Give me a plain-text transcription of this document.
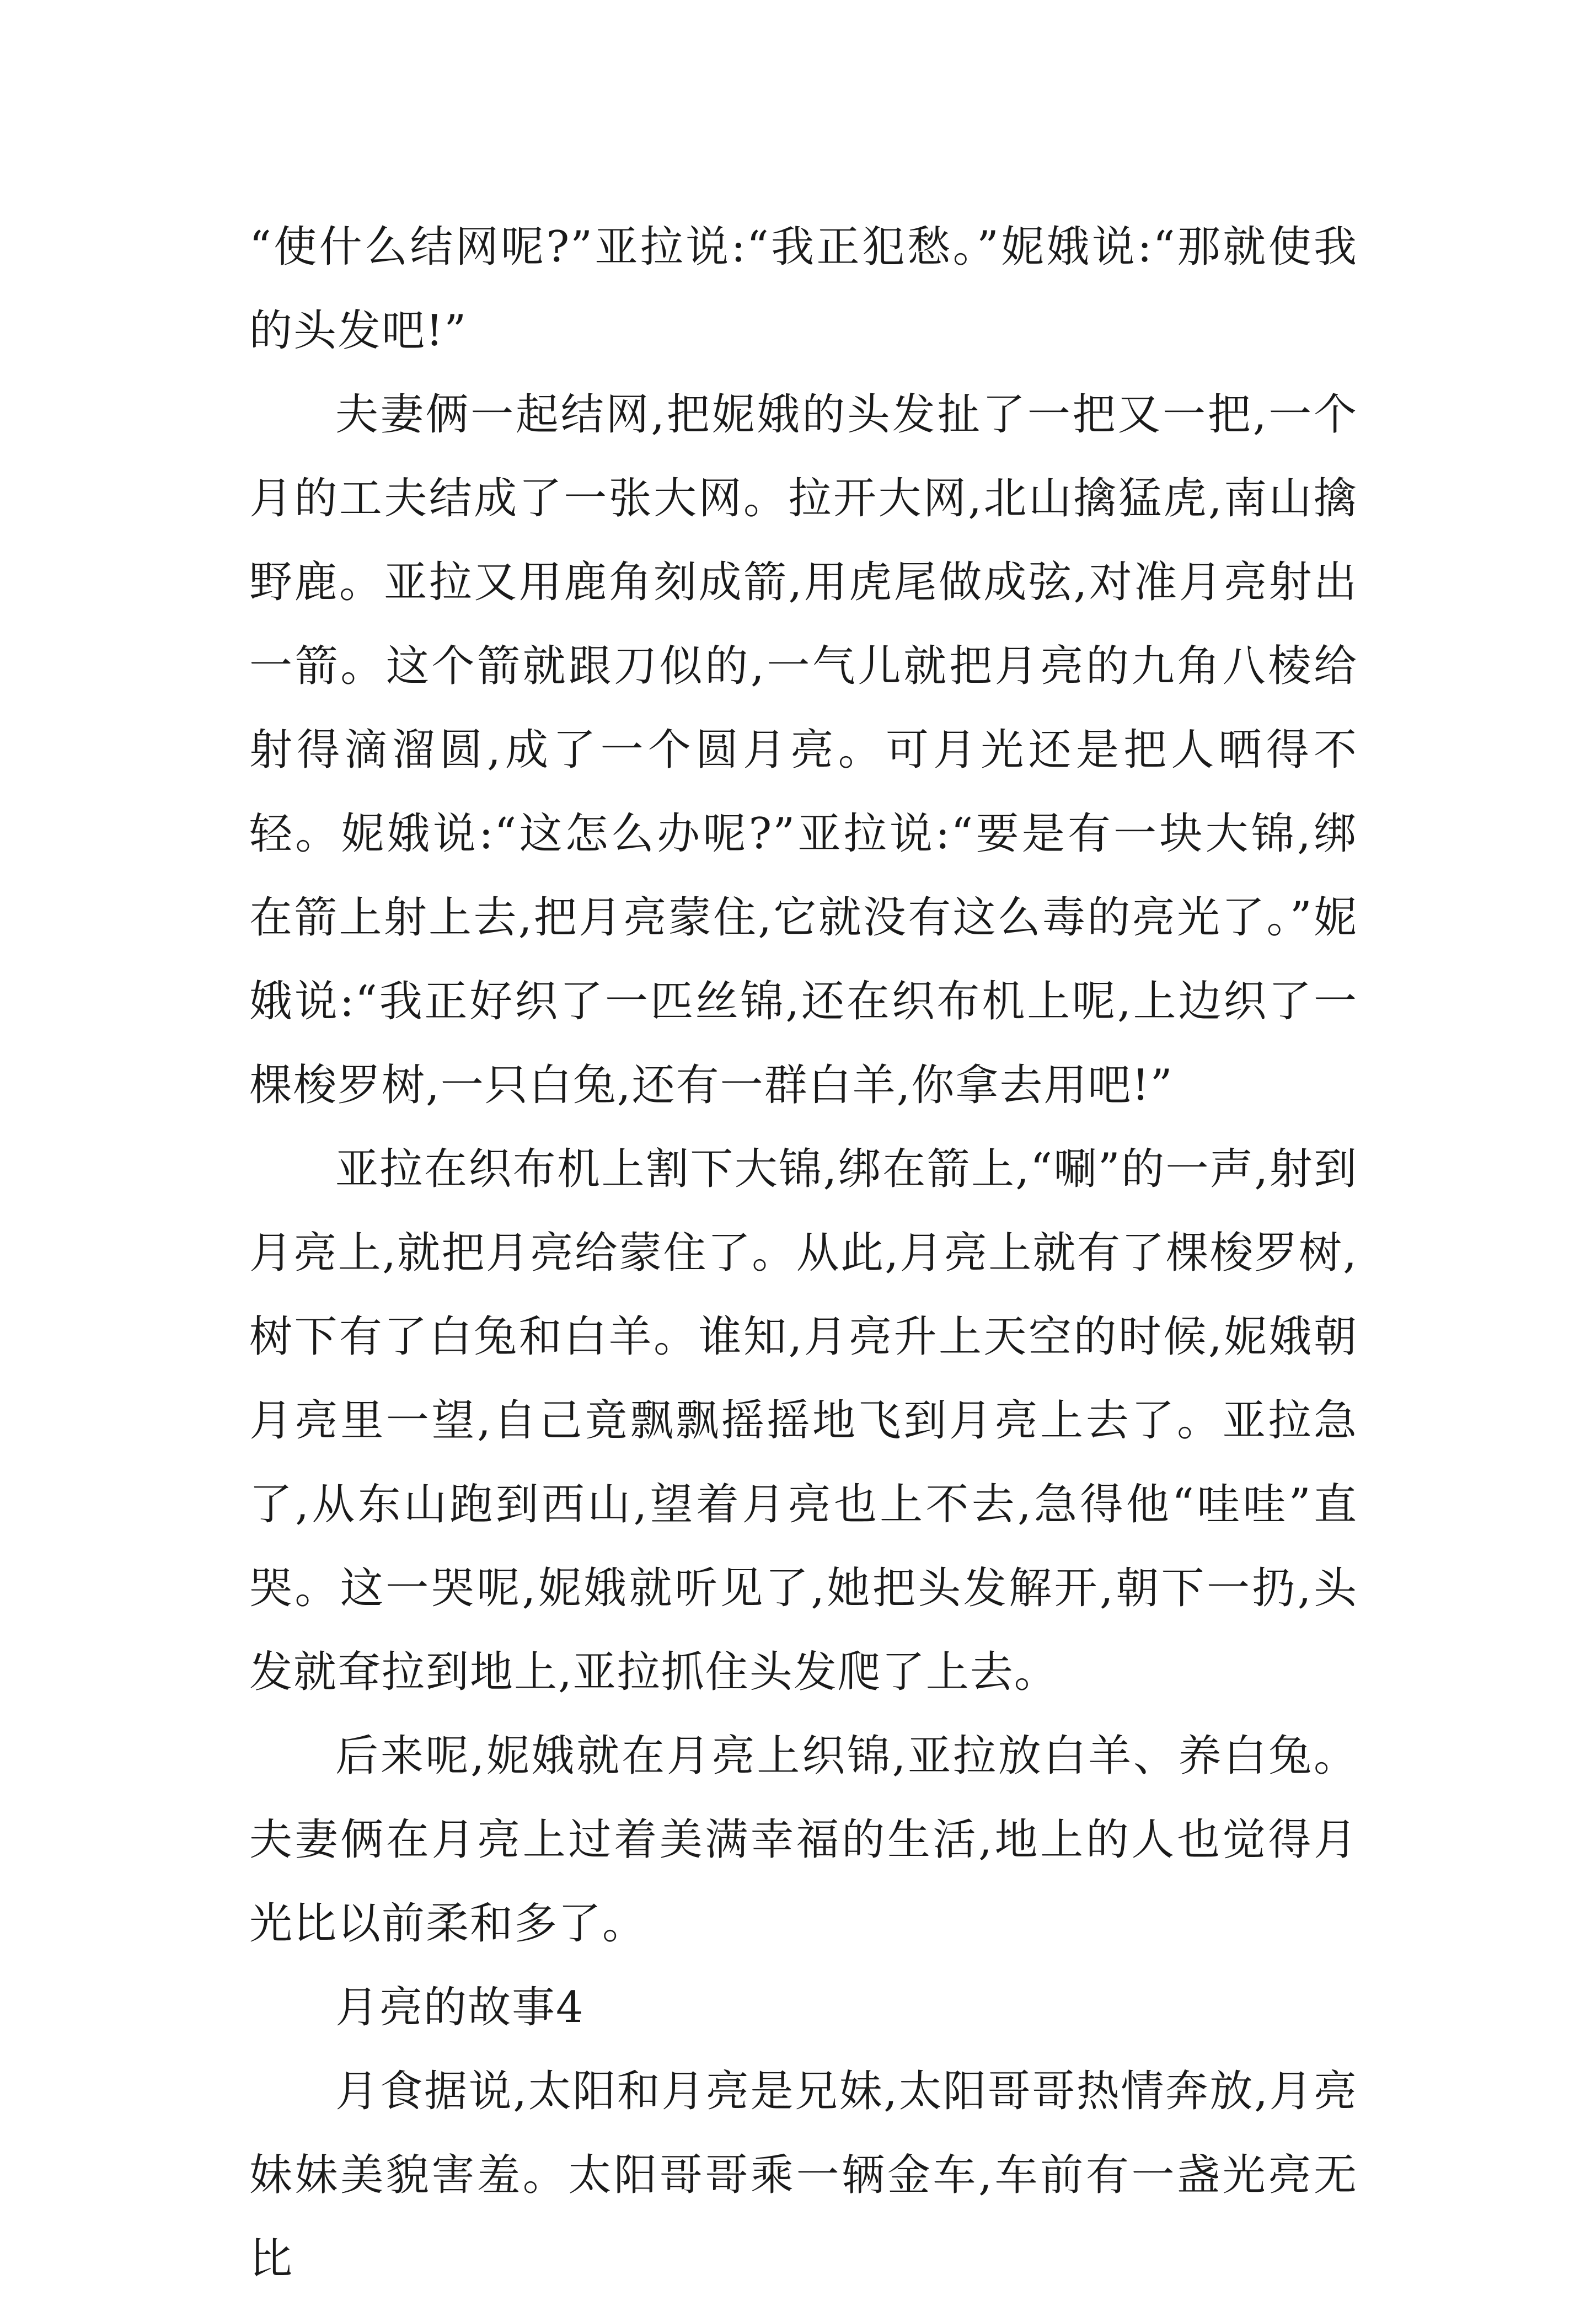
“使什么结网呢?”亚拉说:“我正犯愁。”妮娥说:“那就使我的头发吧!”

夫妻俩一起结网,把妮娥的头发扯了一把又一把,一个月的工夫结成了一张大网。拉开大网,北山擒猛虎,南山擒野鹿。亚拉又用鹿角刻成箭,用虎尾做成弦,对准月亮射出一箭。这个箭就跟刀似的,一气儿就把月亮的九角八棱给射得滴溜圆,成了一个圆月亮。可月光还是把人晒得不轻。妮娥说:“这怎么办呢?”亚拉说:“要是有一块大锦,绑在箭上射上去,把月亮蒙住,它就没有这么毒的亮光了。”妮娥说:“我正好织了一匹丝锦,还在织布机上呢,上边织了一棵梭罗树,一只白兔,还有一群白羊,你拿去用吧!”

亚拉在织布机上割下大锦,绑在箭上,“唰”的一声,射到月亮上,就把月亮给蒙住了。从此,月亮上就有了棵梭罗树,树下有了白兔和白羊。谁知,月亮升上天空的时候,妮娥朝月亮里一望,自己竟飘飘摇摇地飞到月亮上去了。亚拉急了,从东山跑到西山,望着月亮也上不去,急得他“哇哇”直哭。这一哭呢,妮娥就听见了,她把头发解开,朝下一扔,头发就耷拉到地上,亚拉抓住头发爬了上去。

后来呢,妮娥就在月亮上织锦,亚拉放白羊、养白兔。夫妻俩在月亮上过着美满幸福的生活,地上的人也觉得月光比以前柔和多了。

月亮的故事4

月食据说,太阳和月亮是兄妹,太阳哥哥热情奔放,月亮妹妹美貌害羞。太阳哥哥乘一辆金车,车前有一盏光亮无比
